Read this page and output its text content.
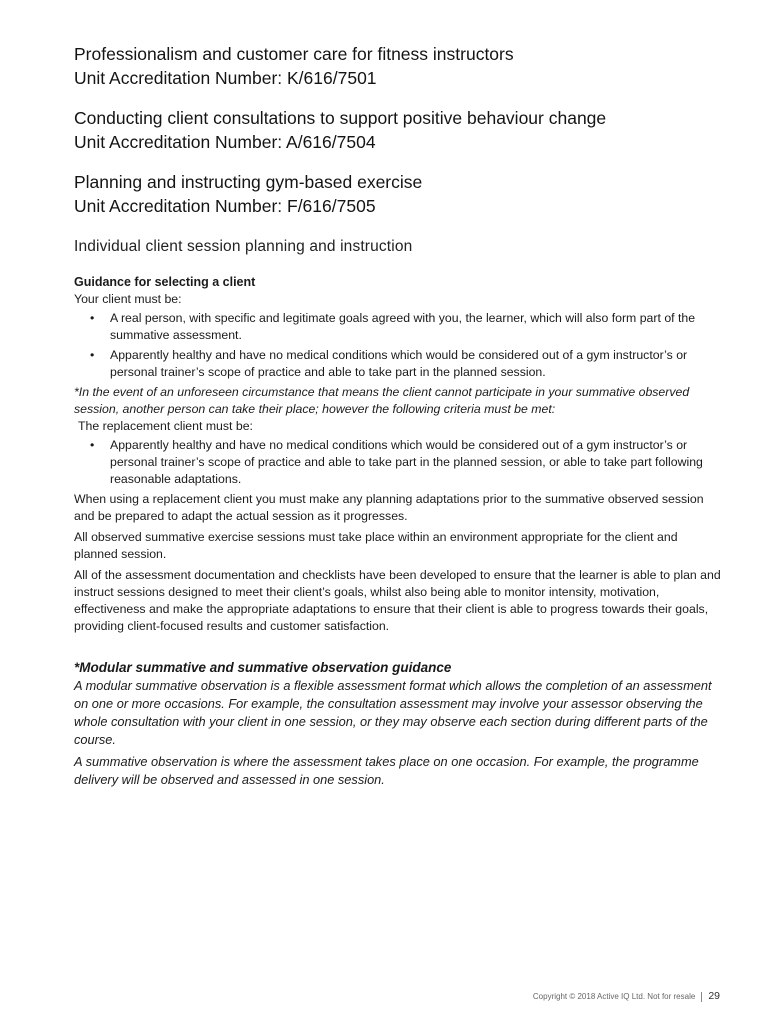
Professionalism and customer care for fitness instructors
Unit Accreditation Number: K/616/7501
Conducting client consultations to support positive behaviour change
Unit Accreditation Number: A/616/7504
Planning and instructing gym-based exercise
Unit Accreditation Number: F/616/7505
Individual client session planning and instruction
Guidance for selecting a client

Your client must be:

• A real person, with specific and legitimate goals agreed with you, the learner, which will also form part of the summative assessment.
• Apparently healthy and have no medical conditions which would be considered out of a gym instructor’s or personal trainer’s scope of practice and able to take part in the planned session.

*In the event of an unforeseen circumstance that means the client cannot participate in your summative observed session, another person can take their place; however the following criteria must be met:

The replacement client must be:

• Apparently healthy and have no medical conditions which would be considered out of a gym instructor’s or personal trainer’s scope of practice and able to take part in the planned session, or able to take part following reasonable adaptations.

When using a replacement client you must make any planning adaptations prior to the summative observed session and be prepared to adapt the actual session as it progresses.

All observed summative exercise sessions must take place within an environment appropriate for the client and planned session.

All of the assessment documentation and checklists have been developed to ensure that the learner is able to plan and instruct sessions designed to meet their client’s goals, whilst also being able to monitor intensity, motivation, effectiveness and make the appropriate adaptations to ensure that their client is able to progress towards their goals, providing client-focused results and customer satisfaction.

*Modular summative and summative observation guidance

A modular summative observation is a flexible assessment format which allows the completion of an assessment on one or more occasions. For example, the consultation assessment may involve your assessor observing the whole consultation with your client in one session, or they may observe each section during different parts of the course.

A summative observation is where the assessment takes place on one occasion. For example, the programme delivery will be observed and assessed in one session.

Copyright © 2018 Active IQ Ltd. Not for resale 29
